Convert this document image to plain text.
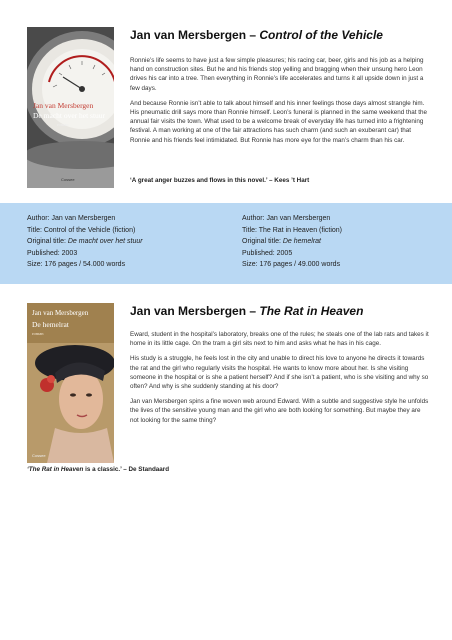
Jan van Mersbergen
De macht over het stuur
roman
Cossee
Jan van Mersbergen – Control of the Vehicle

Ronnie’s life seems to have just a few simple pleasures; his racing car, beer, girls and his job as a helping hand on construction sites. But he and his friends stop yelling and bragging when their unsung hero Leon drives his car into a tree. Then everything in Ronnie’s life accelerates and turns it all upside down in just a few days.

And because Ronnie isn’t able to talk about himself and his inner feelings those days almost strangle him. His pneumatic drill says more than Ronnie himself. Leon’s funeral is planned in the same weekend that the annual fair visits the town. What used to be a welcome break of everyday life has turned into a frightening festival. A man working at one of the fair attractions has such charm (and such an exuberant car) that Ronnie and his friends feel intimidated. But Ronnie has more eye for the man’s charm than his car.

‘A great anger buzzes and flows in this novel.’ – Kees ’t Hart
Author: Jan van Mersbergen
Title: Control of the Vehicle (fiction)
Original title: De macht over het stuur
Published: 2003
Size: 176 pages / 54.000 words
Author: Jan van Mersbergen
Title: The Rat in Heaven (fiction)
Original title: De hemelrat
Published: 2005
Size: 176 pages / 49.000 words
Jan van Mersbergen
De hemelrat
roman
Cossee
Jan van Mersbergen – The Rat in Heaven

Eward, student in the hospital’s laboratory, breaks one of the rules; he steals one of the lab rats and takes it home in its little cage. On the tram a girl sits next to him and asks what he has in his cage.

His study is a struggle, he feels lost in the city and unable to direct his love to anyone he directs it towards the rat and the girl who regularly visits the hospital. He wants to know more about her. Is she visiting someone in the hospital or is she a patient herself? And if she isn’t a patient, who is she visiting and why so often? And why is she suddenly standing at his door?

Jan van Mersbergen spins a fine woven web around Edward. With a subtle and suggestive style he unfolds the lives of the sensitive young man and the girl who are both looking for something. But maybe they are not looking for the same thing?

‘The Rat in Heaven is a classic.’ – De Standaard
